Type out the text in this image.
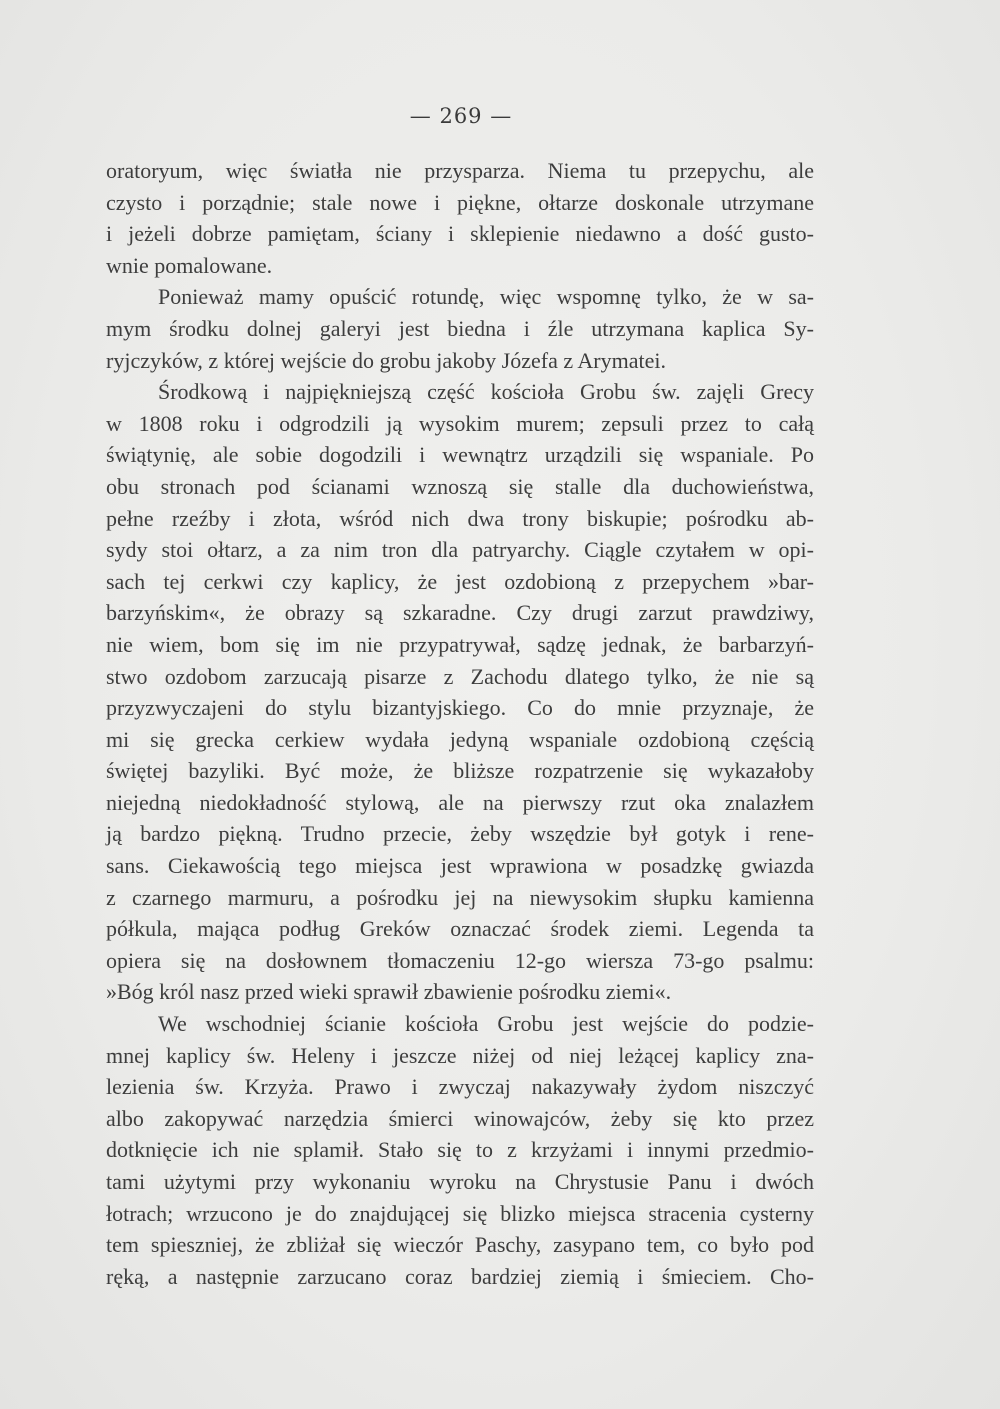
— 269 —
oratoryum, więc światła nie przysparza. Niema tu przepychu, ale
czysto i porządnie; stale nowe i piękne, ołtarze doskonale utrzymane
i jeżeli dobrze pamiętam, ściany i sklepienie niedawno a dość gusto-
wnie pomalowane.
Ponieważ mamy opuścić rotundę, więc wspomnę tylko, że w sa-
mym środku dolnej galeryi jest biedna i źle utrzymana kaplica Sy-
ryjczyków, z której wejście do grobu jakoby Józefa z Arymatei.
Środkową i najpiękniejszą część kościoła Grobu św. zajęli Grecy
w 1808 roku i odgrodzili ją wysokim murem; zepsuli przez to całą
świątynię, ale sobie dogodzili i wewnątrz urządzili się wspaniale. Po
obu stronach pod ścianami wznoszą się stalle dla duchowieństwa,
pełne rzeźby i złota, wśród nich dwa trony biskupie; pośrodku ab-
sydy stoi ołtarz, a za nim tron dla patryarchy. Ciągle czytałem w opi-
sach tej cerkwi czy kaplicy, że jest ozdobioną z przepychem »bar-
barzyńskim«, że obrazy są szkaradne. Czy drugi zarzut prawdziwy,
nie wiem, bom się im nie przypatrywał, sądzę jednak, że barbarzyń-
stwo ozdobom zarzucają pisarze z Zachodu dlatego tylko, że nie są
przyzwyczajeni do stylu bizantyjskiego. Co do mnie przyznaje, że
mi się grecka cerkiew wydała jedyną wspaniale ozdobioną częścią
świętej bazyliki. Być może, że bliższe rozpatrzenie się wykazałoby
niejedną niedokładność stylową, ale na pierwszy rzut oka znalazłem
ją bardzo piękną. Trudno przecie, żeby wszędzie był gotyk i rene-
sans. Ciekawością tego miejsca jest wprawiona w posadzkę gwiazda
z czarnego marmuru, a pośrodku jej na niewysokim słupku kamienna
półkula, mająca podług Greków oznaczać środek ziemi. Legenda ta
opiera się na dosłownem tłomaczeniu 12-go wiersza 73-go psalmu:
»Bóg król nasz przed wieki sprawił zbawienie pośrodku ziemi«.
We wschodniej ścianie kościoła Grobu jest wejście do podzie-
mnej kaplicy św. Heleny i jeszcze niżej od niej leżącej kaplicy zna-
lezienia św. Krzyża. Prawo i zwyczaj nakazywały żydom niszczyć
albo zakopywać narzędzia śmierci winowajców, żeby się kto przez
dotknięcie ich nie splamił. Stało się to z krzyżami i innymi przedmio-
tami użytymi przy wykonaniu wyroku na Chrystusie Panu i dwóch
łotrach; wrzucono je do znajdującej się blizko miejsca stracenia cysterny
tem spieszniej, że zbliżał się wieczór Paschy, zasypano tem, co było pod
ręką, a następnie zarzucano coraz bardziej ziemią i śmieciem. Cho-
